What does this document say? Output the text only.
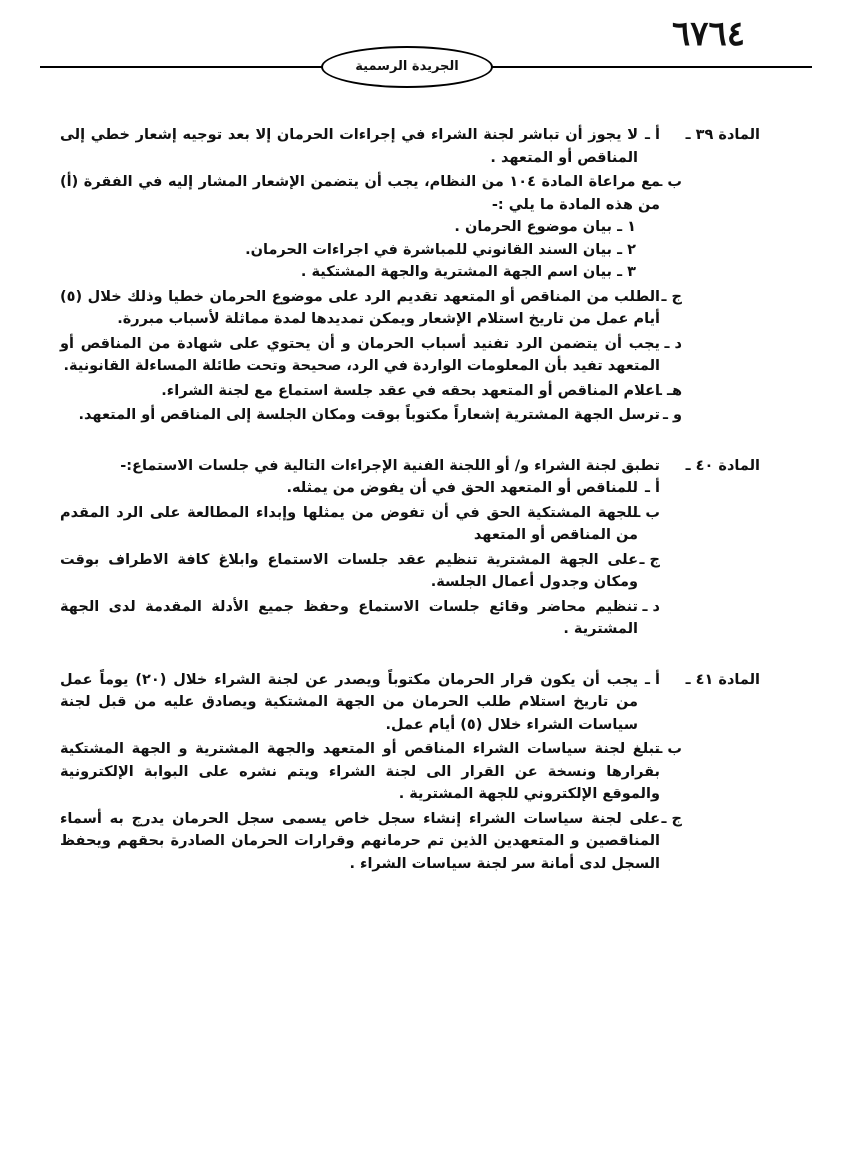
٦٧٦٤
الجريدة الرسمية
المادة ٣٩ ـ
أ ـ
لا يجوز أن تباشر لجنة الشراء في إجراءات الحرمان إلا بعد توجيه إشعار خطي إلى المناقص أو المتعهد .
ب ـ
مع مراعاة المادة ١٠٤ من النظام، يجب أن يتضمن الإشعار المشار إليه في الفقرة (أ) من هذه المادة ما يلي :-
١ ـ
بيان موضوع الحرمان .
٢ ـ
بيان السند القانوني للمباشرة في اجراءات الحرمان.
٣ ـ
بيان اسم الجهة المشترية والجهة المشتكية .
ج ـ
الطلب من المناقص أو المتعهد تقديم الرد على موضوع الحرمان خطيا وذلك خلال (٥) أيام عمل من تاريخ استلام الإشعار ويمكن تمديدها لمدة مماثلة لأسباب مبررة.
د ـ
يجب أن يتضمن الرد تفنيد أسباب الحرمان و أن يحتوي على شهادة من المناقص أو المتعهد تفيد بأن المعلومات الواردة في الرد، صحيحة وتحت طائلة المساءلة القانونية.
هـ ـ
اعلام المناقص أو المتعهد بحقه في عقد جلسة استماع مع لجنة الشراء.
و ـ
ترسل الجهة المشترية إشعاراً مكتوباً بوقت ومكان الجلسة إلى المناقص أو المتعهد.
المادة ٤٠ ـ
تطبق لجنة الشراء و/ أو اللجنة الفنية الإجراءات التالية في جلسات الاستماع:-
أ ـ
للمناقص أو المتعهد الحق في أن يفوض من يمثله.
ب ـ
للجهة المشتكية الحق في أن تفوض من يمثلها وإبداء المطالعة على الرد المقدم من المناقص أو المتعهد
ج ـ
على الجهة المشترية تنظيم عقد جلسات الاستماع وابلاغ كافة الاطراف بوقت ومكان وجدول أعمال الجلسة.
د ـ
تنظيم محاضر وقائع جلسات الاستماع وحفظ جميع الأدلة المقدمة لدى الجهة المشترية .
المادة ٤١ ـ
أ ـ
يجب أن يكون قرار الحرمان مكتوباً ويصدر عن لجنة الشراء خلال (٢٠) يوماً عمل من تاريخ استلام طلب الحرمان من الجهة المشتكية ويصادق عليه من قبل لجنة سياسات الشراء خلال (٥) أيام عمل.
ب ـ
تبلغ لجنة سياسات الشراء المناقص أو المتعهد والجهة المشترية و الجهة المشتكية بقرارها ونسخة عن القرار الى لجنة الشراء ويتم نشره على البوابة الإلكترونية والموقع الإلكتروني للجهة المشترية .
ج ـ
على لجنة سياسات الشراء إنشاء سجل خاص يسمى سجل الحرمان يدرج به أسماء المناقصين و المتعهدين الذين تم حرمانهم وقرارات الحرمان الصادرة بحقهم ويحفظ السجل لدى أمانة سر لجنة سياسات الشراء .
